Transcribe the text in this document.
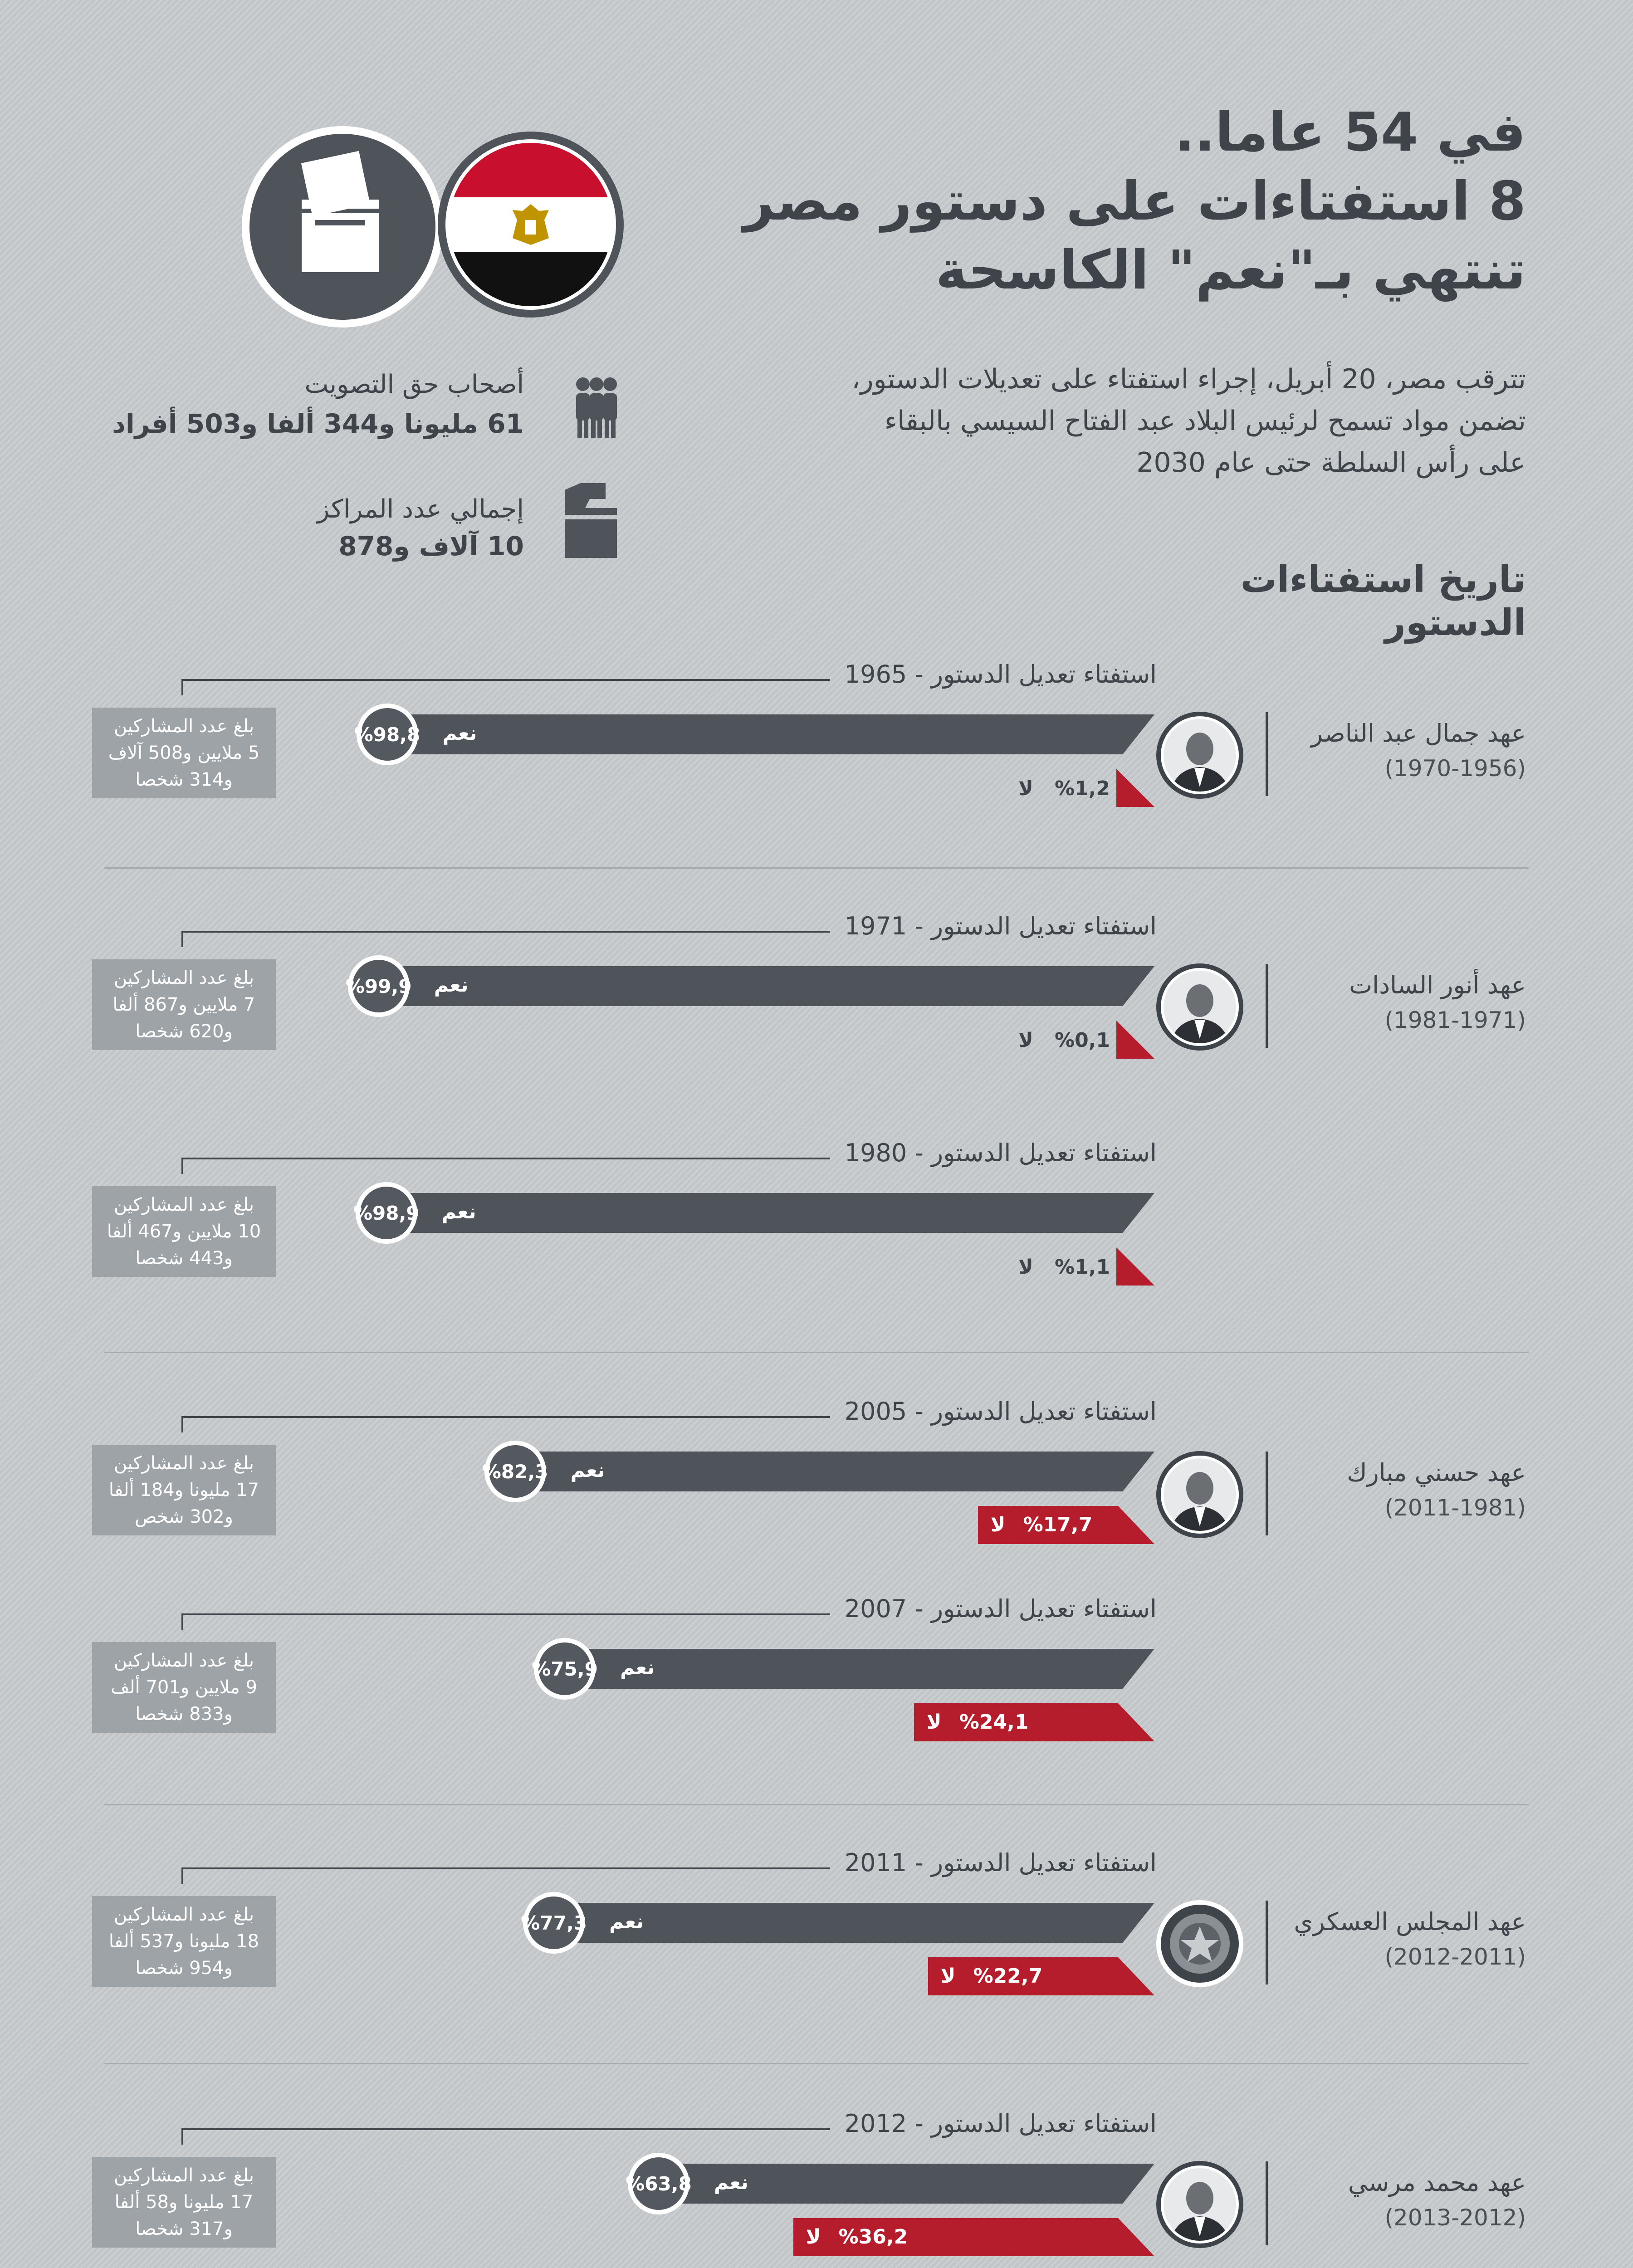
في 54 عاما..
8 استفتاءات على دستور مصر
تنتهي بـ"نعم" الكاسحة
تترقب مصر، 20 أبريل، إجراء استفتاء على تعديلات الدستور،
تضمن مواد تسمح لرئيس البلاد عبد الفتاح السيسي بالبقاء
على رأس السلطة حتى عام 2030
أصحاب حق التصويت
61 مليونا و344 ألفا و503 أفراد
إجمالي عدد المراكز
10 آلاف و878
تاريخ استفتاءات
الدستور
استفتاء تعديل الدستور - 1965
نعم
%98,8
%1,2
لا
بلغ عدد المشاركين
5 ملايين و508 آلاف
و314 شخصا
استفتاء تعديل الدستور - 1971
نعم
%99,9
%0,1
لا
بلغ عدد المشاركين
7 ملايين و867 ألفا
و620 شخصا
استفتاء تعديل الدستور - 1980
نعم
%98,9
%1,1
لا
بلغ عدد المشاركين
10 ملايين و467 ألفا
و443 شخصا
استفتاء تعديل الدستور - 2005
نعم
%82,3
%17,7
لا
بلغ عدد المشاركين
17 مليونا و184 ألفا
و302 شخص
استفتاء تعديل الدستور - 2007
نعم
%75,9
%24,1
لا
بلغ عدد المشاركين
9 ملايين و701 ألف
و833 شخصا
استفتاء تعديل الدستور - 2011
نعم
%77,3
%22,7
لا
بلغ عدد المشاركين
18 مليونا و537 ألفا
و954 شخصا
استفتاء تعديل الدستور - 2012
نعم
%63,8
%36,2
لا
بلغ عدد المشاركين
17 مليونا و58 ألفا
و317 شخصا
عهد جمال عبد الناصر
(1970-1956)
عهد أنور السادات
(1981-1971)
عهد حسني مبارك
(2011-1981)
عهد المجلس العسكري
(2012-2011)
عهد محمد مرسي
(2013-2012)
